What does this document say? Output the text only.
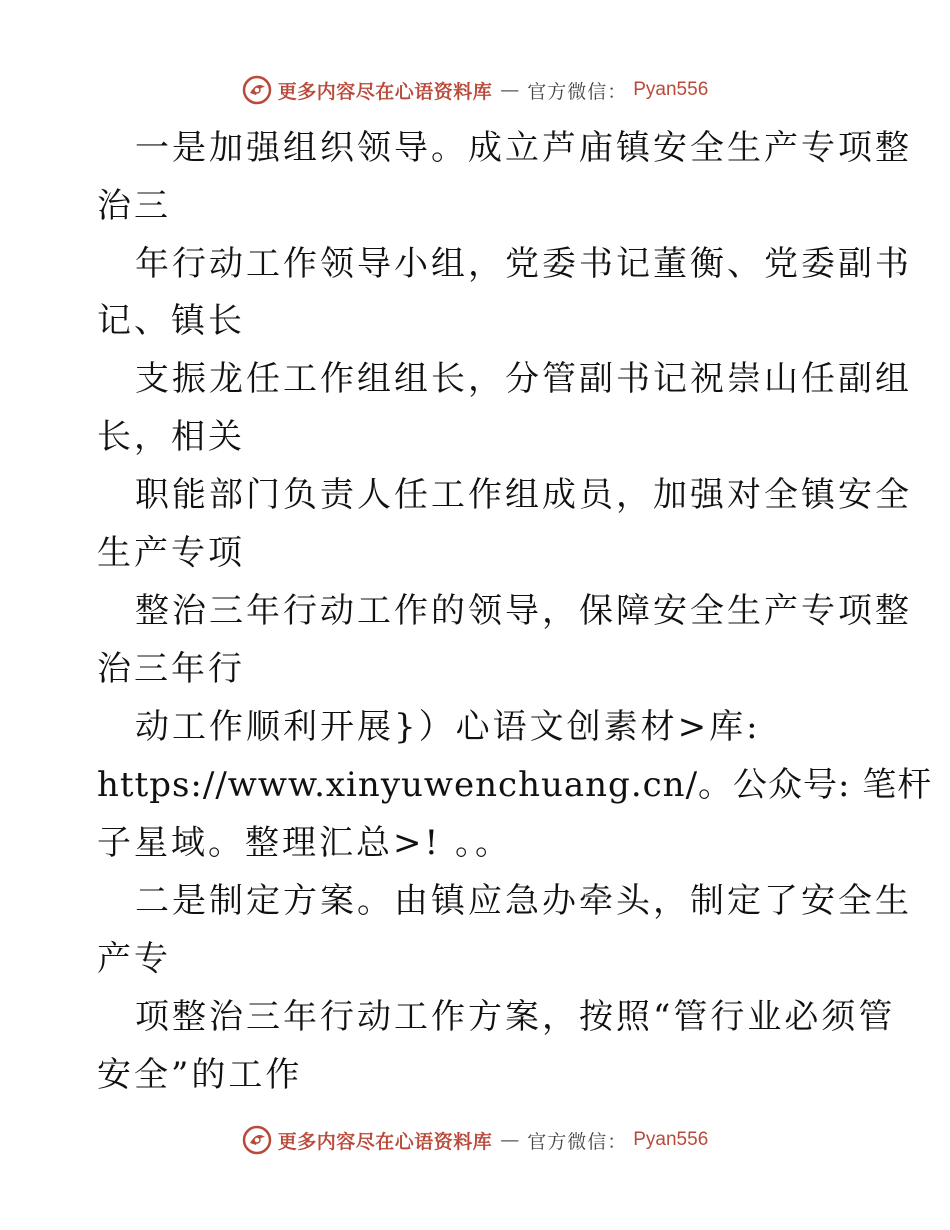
更多内容尽在心语资料库 — 官方微信： Pyan556
一是加强组织领导。成立芦庙镇安全生产专项整
治三
年行动工作领导小组，党委书记董衡、党委副书
记、镇长
支振龙任工作组组长，分管副书记祝崇山任副组
长，相关
职能部门负责人任工作组成员，加强对全镇安全
生产专项
整治三年行动工作的领导，保障安全生产专项整
治三年行
动工作顺利开展}）心语文创素材>库:
https://www.xinyuwenchuang.cn/。公众号: 笔杆
子星域。整理汇总>! 。。
二是制定方案。由镇应急办牵头，制定了安全生
产专
项整治三年行动工作方案，按照“管行业必须管
安全”的工作
更多内容尽在心语资料库 — 官方微信： Pyan556
